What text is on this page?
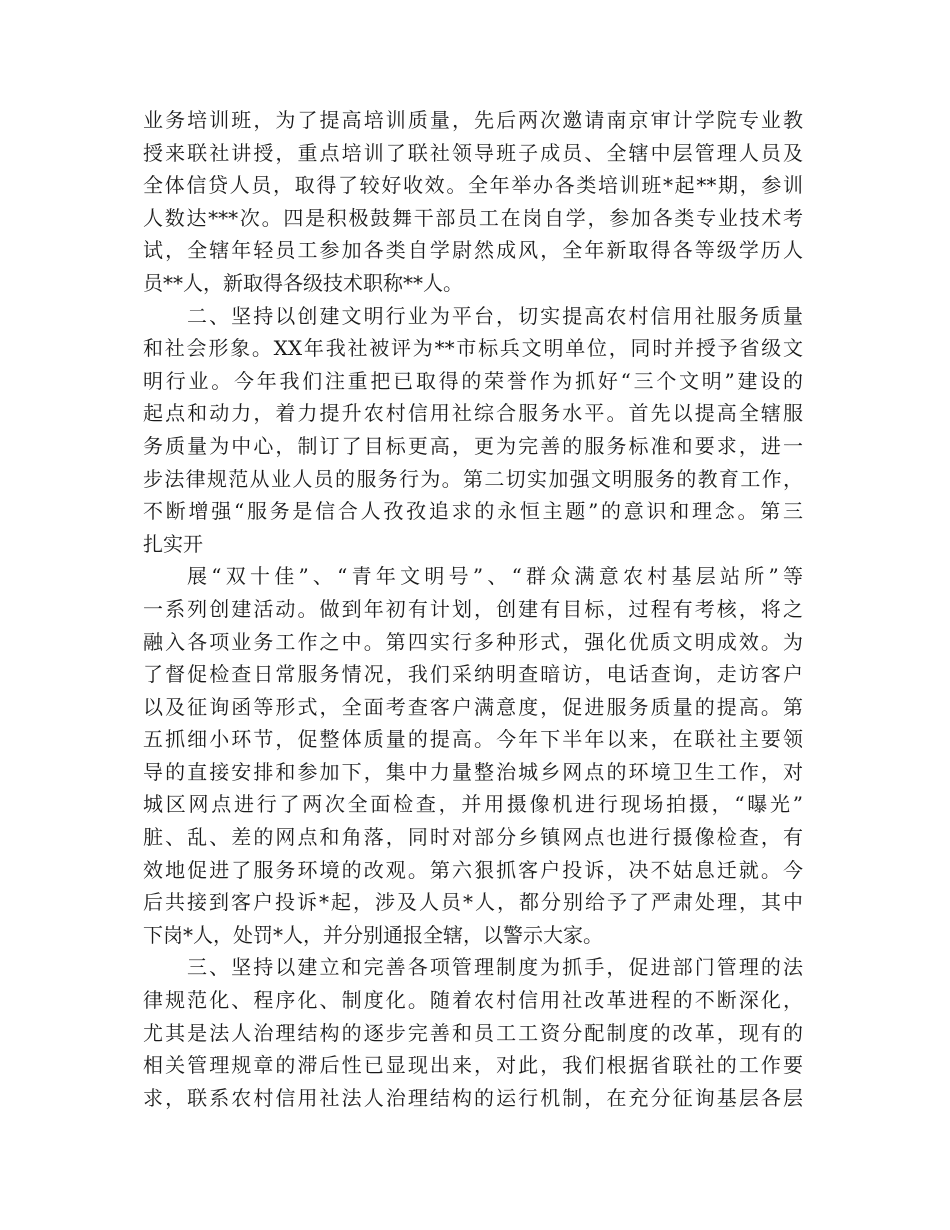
业务培训班，为了提高培训质量，先后两次邀请南京审计学院专业教
授来联社讲授，重点培训了联社领导班子成员、全辖中层管理人员及
全体信贷人员，取得了较好收效。全年举办各类培训班*起**期，参训
人数达***次。四是积极鼓舞干部员工在岗自学，参加各类专业技术考
试，全辖年轻员工参加各类自学尉然成风，全年新取得各等级学历人
员**人，新取得各级技术职称**人。
二、坚持以创建文明行业为平台，切实提高农村信用社服务质量
和社会形象。XX年我社被评为**市标兵文明单位，同时并授予省级文
明行业。今年我们注重把已取得的荣誉作为抓好“三个文明”建设的
起点和动力，着力提升农村信用社综合服务水平。首先以提高全辖服
务质量为中心，制订了目标更高，更为完善的服务标准和要求，进一
步法律规范从业人员的服务行为。第二切实加强文明服务的教育工作，
不断增强“服务是信合人孜孜追求的永恒主题”的意识和理念。第三
扎实开
展“双十佳”、“青年文明号”、“群众满意农村基层站所”等
一系列创建活动。做到年初有计划，创建有目标，过程有考核，将之
融入各项业务工作之中。第四实行多种形式，强化优质文明成效。为
了督促检查日常服务情况，我们采纳明查暗访，电话查询，走访客户
以及征询函等形式，全面考查客户满意度，促进服务质量的提高。第
五抓细小环节，促整体质量的提高。今年下半年以来，在联社主要领
导的直接安排和参加下，集中力量整治城乡网点的环境卫生工作，对
城区网点进行了两次全面检查，并用摄像机进行现场拍摄，“曝光”
脏、乱、差的网点和角落，同时对部分乡镇网点也进行摄像检查，有
效地促进了服务环境的改观。第六狠抓客户投诉，决不姑息迁就。今
后共接到客户投诉*起，涉及人员*人，都分别给予了严肃处理，其中
下岗*人，处罚*人，并分别通报全辖，以警示大家。
三、坚持以建立和完善各项管理制度为抓手，促进部门管理的法
律规范化、程序化、制度化。随着农村信用社改革进程的不断深化，
尤其是法人治理结构的逐步完善和员工工资分配制度的改革，现有的
相关管理规章的滞后性已显现出来，对此，我们根据省联社的工作要
求，联系农村信用社法人治理结构的运行机制，在充分征询基层各层
